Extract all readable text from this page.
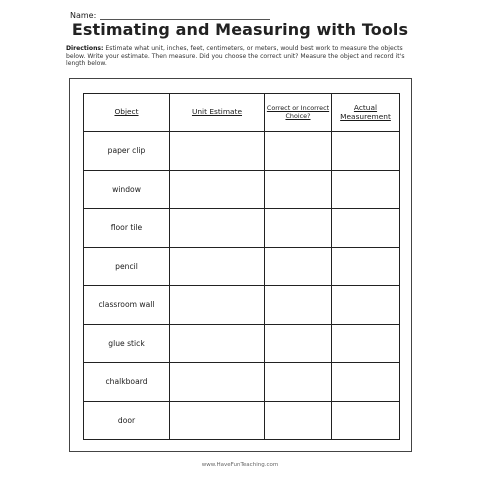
Name:
Estimating and Measuring with Tools
Directions: Estimate what unit, inches, feet, centimeters, or meters, would best work to measure the objects below. Write your estimate. Then measure. Did you choose the correct unit? Measure the object and record it's length below.
Object	Unit Estimate	Correct or Incorrect Choice?	Actual Measurement
paper clip			
window			
floor tile			
pencil			
classroom wall			
glue stick			
chalkboard			
door			
www.HaveFunTeaching.com
